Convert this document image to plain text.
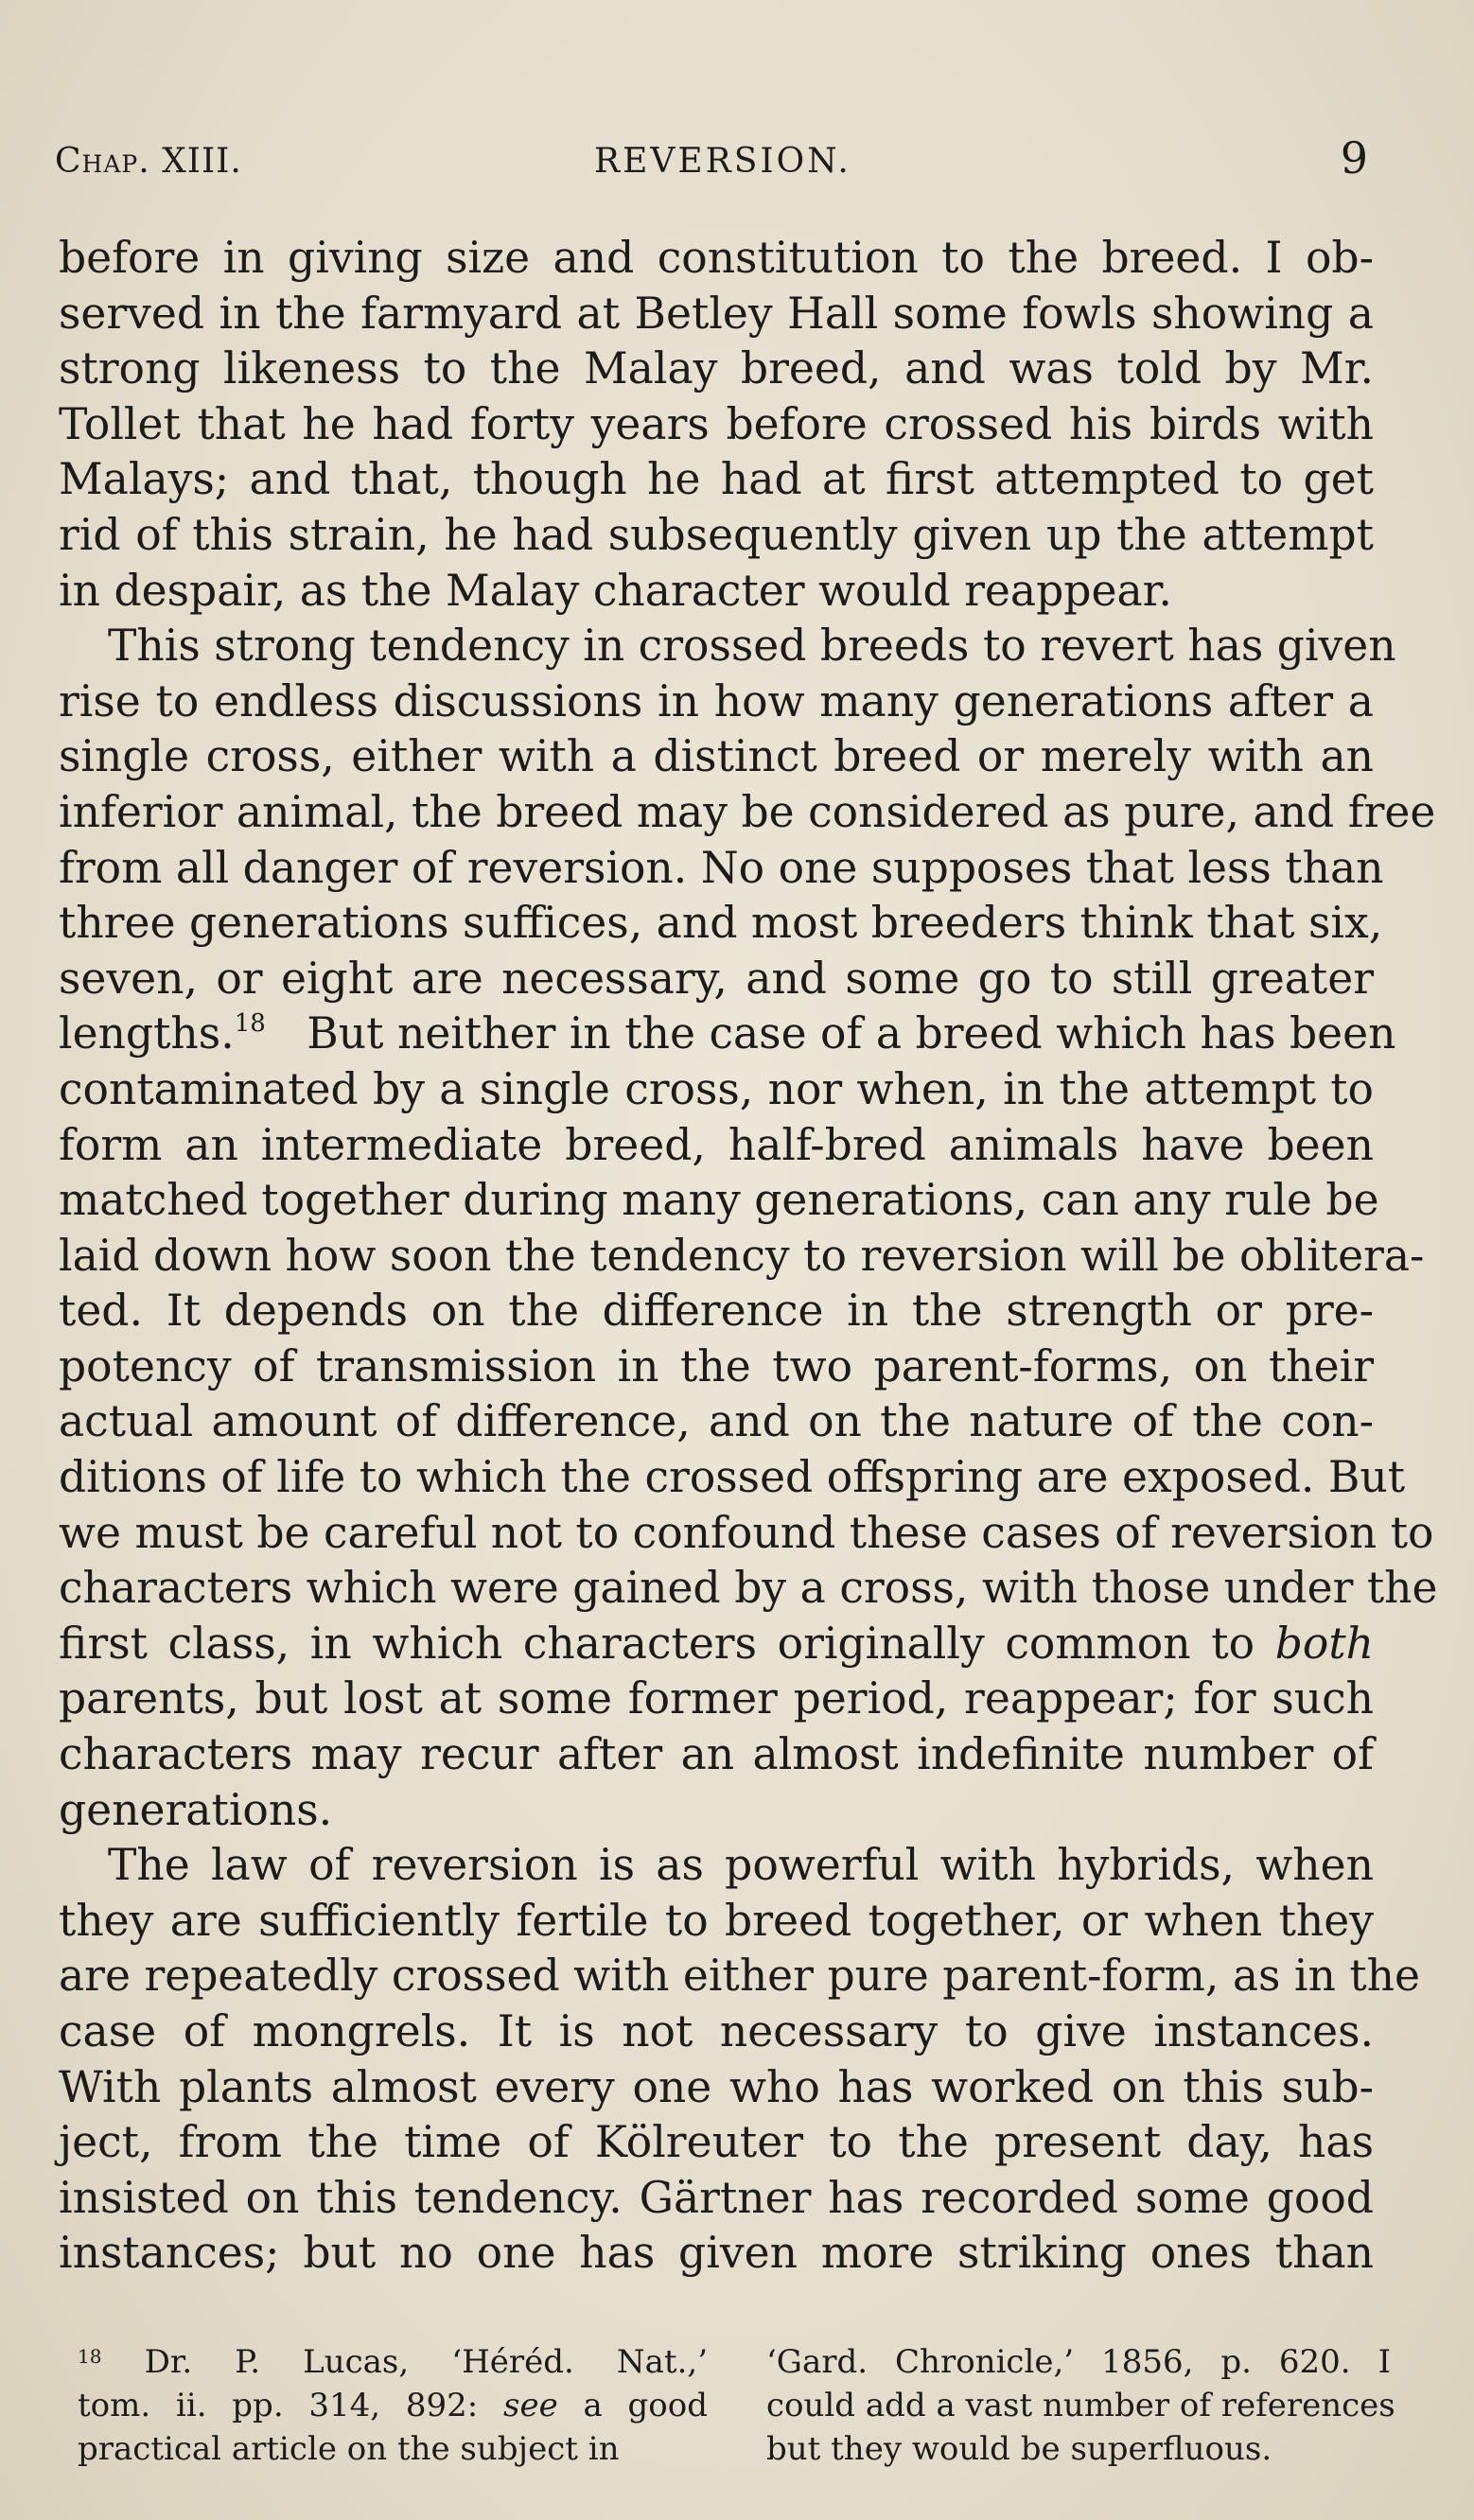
Chap. XIII.	REVERSION.	9
before in giving size and constitution to the breed. I ob-
served in the farmyard at Betley Hall some fowls showing a
strong likeness to the Malay breed, and was told by Mr.
Tollet that he had forty years before crossed his birds with
Malays; and that, though he had at first attempted to get
rid of this strain, he had subsequently given up the attempt
in despair, as the Malay character would reappear.
This strong tendency in crossed breeds to revert has given
rise to endless discussions in how many generations after a
single cross, either with a distinct breed or merely with an
inferior animal, the breed may be considered as pure, and free
from all danger of reversion. No one supposes that less than
three generations suffices, and most breeders think that six,
seven, or eight are necessary, and some go to still greater
lengths.$^{18}$ But neither in the case of a breed which has been
contaminated by a single cross, nor when, in the attempt to
form an intermediate breed, half-bred animals have been
matched together during many generations, can any rule be
laid down how soon the tendency to reversion will be oblitera-
ted. It depends on the difference in the strength or pre-
potency of transmission in the two parent-forms, on their
actual amount of difference, and on the nature of the con-
ditions of life to which the crossed offspring are exposed. But
we must be careful not to confound these cases of reversion to
characters which were gained by a cross, with those under the
first class, in which characters originally common to both
parents, but lost at some former period, reappear; for such
characters may recur after an almost indefinite number of
generations.
The law of reversion is as powerful with hybrids, when
they are sufficiently fertile to breed together, or when they
are repeatedly crossed with either pure parent-form, as in the
case of mongrels. It is not necessary to give instances.
With plants almost every one who has worked on this sub-
ject, from the time of Kölreuter to the present day, has
insisted on this tendency. Gärtner has recorded some good
instances; but no one has given more striking ones than
$^{18}$ Dr. P. Lucas, ‘Héréd. Nat.,’
tom. ii. pp. 314, 892: see a good
practical article on the subject in
‘Gard. Chronicle,’ 1856, p. 620. I
could add a vast number of references
but they would be superfluous.
